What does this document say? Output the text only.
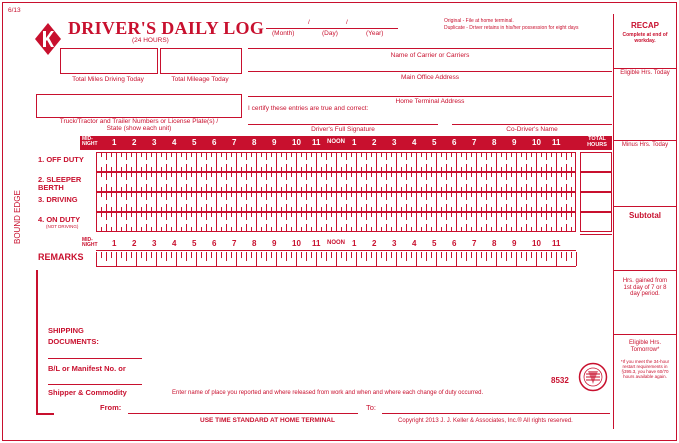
6/13
DRIVER'S DAILY LOG
(24 HOURS)
/	/
(Month)	(Day)	(Year)
Original - File at home terminal.
Duplicate - Driver retains in his/her possession for eight days	RECAP
Complete at end of workday.
Eligible Hrs. Today
Minus Hrs. Today
Subtotal
Hrs. gained from 1st day of 7 or 8 day period.
Eligible Hrs. Tomorrow*
*If you meet the 34-hour restart requirements in §395.3, you have 60/70 hours available again.
Total Miles Driving Today	Total Mileage Today
Name of Carrier or Carriers
Main Office Address
Home Terminal Address
I certify these entries are true and correct:
Truck/Tractor and Trailer Numbers or License Plate(s) / State (show each unit)	Driver's Full Signature	Co-Driver's Name
MID-NIGHT
TOTAL HOURS
BOUND EDGE	MID-NIGHT
REMARKS
SHIPPING DOCUMENTS:
B/L or Manifest No. or
Shipper & Commodity	Enter name of place you reported and where released from work and when and where each change of duty occurred.
8532
From:	To:
USE TIME STANDARD AT HOME TERMINAL	Copyright 2013 J. J. Keller & Associates, Inc.® All rights reserved.
1 2 3 4 5 6 7 8 9 10 11 NOON 1 2 3 4 5 6 7 8 9 10 11
1 2 3 4 5 6 7 8 9 10 11 NOON 1 2 3 4 5 6 7 8 9 10 11
1. OFF DUTY
2. SLEEPER BERTH
3. DRIVING
4. ON DUTY
(NOT DRIVING)
